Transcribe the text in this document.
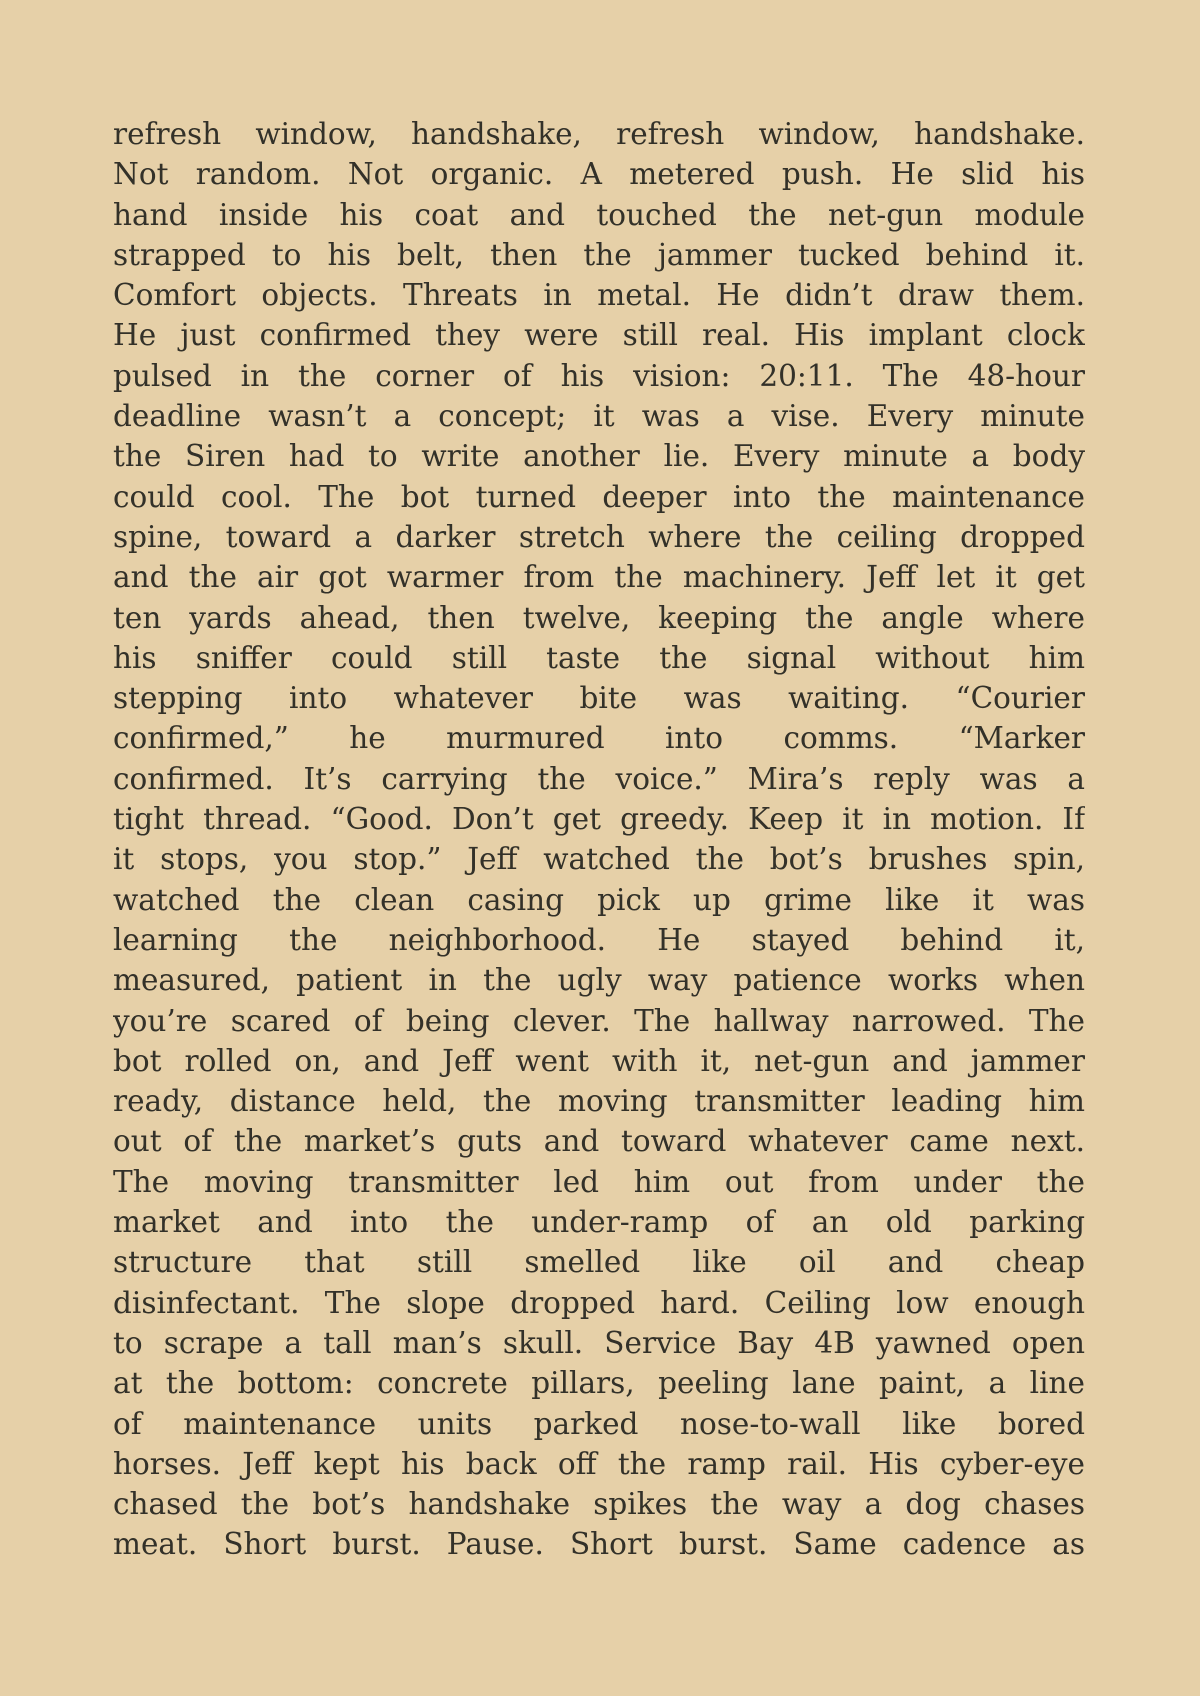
refresh window, handshake, refresh window, handshake.
Not random. Not organic. A metered push. He slid his
hand inside his coat and touched the net-gun module
strapped to his belt, then the jammer tucked behind it.
Comfort objects. Threats in metal. He didn’t draw them.
He just confirmed they were still real. His implant clock
pulsed in the corner of his vision: 20:11. The 48-hour
deadline wasn’t a concept; it was a vise. Every minute
the Siren had to write another lie. Every minute a body
could cool. The bot turned deeper into the maintenance
spine, toward a darker stretch where the ceiling dropped
and the air got warmer from the machinery. Jeff let it get
ten yards ahead, then twelve, keeping the angle where
his sniffer could still taste the signal without him
stepping into whatever bite was waiting. “Courier
confirmed,” he murmured into comms. “Marker
confirmed. It’s carrying the voice.” Mira’s reply was a
tight thread. “Good. Don’t get greedy. Keep it in motion. If
it stops, you stop.” Jeff watched the bot’s brushes spin,
watched the clean casing pick up grime like it was
learning the neighborhood. He stayed behind it,
measured, patient in the ugly way patience works when
you’re scared of being clever. The hallway narrowed. The
bot rolled on, and Jeff went with it, net-gun and jammer
ready, distance held, the moving transmitter leading him
out of the market’s guts and toward whatever came next.
The moving transmitter led him out from under the
market and into the under-ramp of an old parking
structure that still smelled like oil and cheap
disinfectant. The slope dropped hard. Ceiling low enough
to scrape a tall man’s skull. Service Bay 4B yawned open
at the bottom: concrete pillars, peeling lane paint, a line
of maintenance units parked nose-to-wall like bored
horses. Jeff kept his back off the ramp rail. His cyber-eye
chased the bot’s handshake spikes the way a dog chases
meat. Short burst. Pause. Short burst. Same cadence as
